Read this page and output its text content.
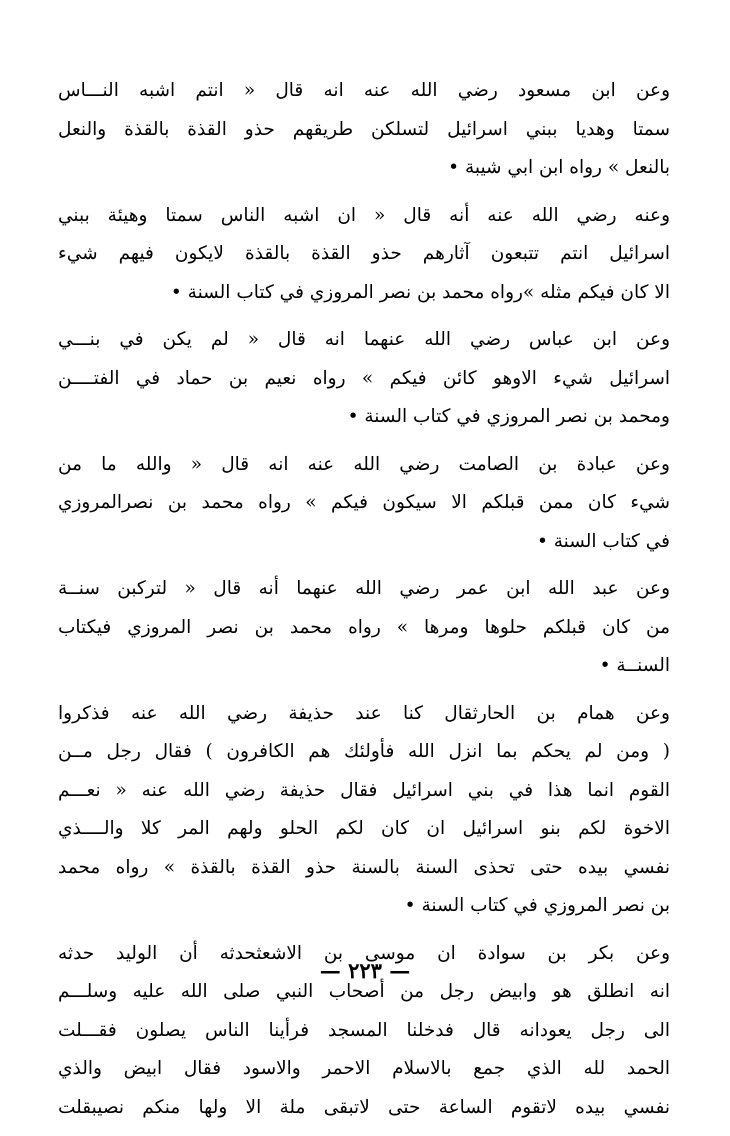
وعن ابن مسعود رضي الله عنه انه قال « انتم اشبه النـــاس
سمتا وهديا ببني اسرائيل لتسلكن طريقهم حذو القذة بالقذة والنعل
بالنعل » رواه ابن ابي شيبة •
وعنه رضي الله عنه أنه قال « ان اشبه الناس سمتا وهيئة ببني
اسرائيل انتم تتبعون آثارهم حذو القذة بالقذة لايكون فيهم شيء
الا كان فيكم مثله »رواه محمد بن نصر المروزي في كتاب السنة •
وعن ابن عباس رضي الله عنهما انه قال « لم يكن في بنـــي
اسرائيل شيء الاوهو كائن فيكم » رواه نعيم بن حماد في الفتــــن
ومحمد بن نصر المروزي في كتاب السنة •
وعن عبادة بن الصامت رضي الله عنه انه قال « والله ما من
شيء كان ممن قبلكم الا سيكون فيكم » رواه محمد بن نصرالمروزي
في كتاب السنة •
وعن عبد الله ابن عمر رضي الله عنهما أنه قال « لتركبن سنــة
من كان قبلكم حلوها ومرها » رواه محمد بن نصر المروزي فيكتاب
السنــة •
وعن همام بن الحارثقال كنا عند حذيفة رضي الله عنه فذكروا
( ومن لم يحكم بما انزل الله فأولئك هم الكافرون ) فقال رجل مــن
القوم انما هذا في بني اسرائيل فقال حذيفة رضي الله عنه « نعـــم
الاخوة لكم بنو اسرائيل ان كان لكم الحلو ولهم المر كلا والــــذي
نفسي بيده حتى تحذى السنة بالسنة حذو القذة بالقذة » رواه محمد
بن نصر المروزي في كتاب السنة •
وعن بكر بن سوادة ان موسى بن الاشعثحدثه أن الوليد حدثه
انه انطلق هو وابيض رجل من أصحاب النبي صلى الله عليه وسلـــم
الى رجل يعودانه قال فدخلنا المسجد فرأينا الناس يصلون فقـــلت
الحمد لله الذي جمع بالاسلام الاحمر والاسود فقال ابيض والذي
نفسي بيده لاتقوم الساعة حتى لاتبقى ملة الا ولها منكم نصيبقلت
— ٢٢٣ —
